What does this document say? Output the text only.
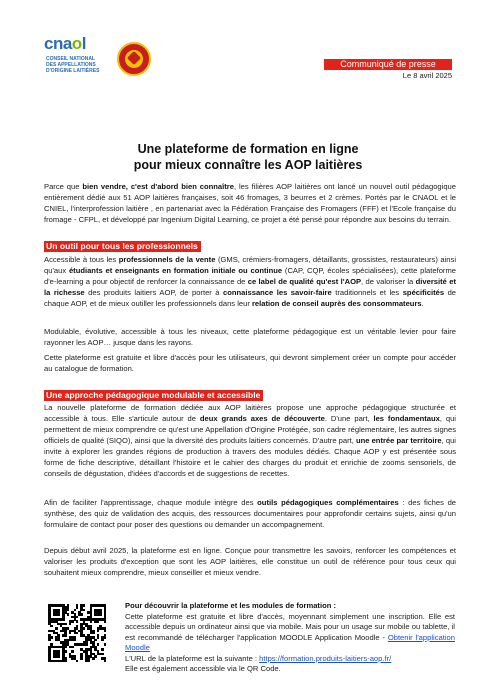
cnaol
CONSEIL NATIONAL DES APPELLATIONS D'ORIGINE LAITIÈRES
Communiqué de presse
Le 8 avril 2025
Une plateforme de formation en ligne
pour mieux connaître les AOP laitières
Parce que bien vendre, c'est d'abord bien connaître, les filières AOP laitières ont lancé un nouvel outil pédagogique entièrement dédié aux 51 AOP laitières françaises, soit 46 fromages, 3 beurres et 2 crèmes. Portés par le CNAOL et le CNIEL, l'interprofession laitière , en partenariat avec la Fédération Française des Fromagers (FFF) et l'Ecole française du fromage - CFPL, et développé par Ingenium Digital Learning, ce projet a été pensé pour répondre aux besoins du terrain.
Un outil pour tous les professionnels
Accessible à tous les professionnels de la vente (GMS, crémiers-fromagers, détaillants, grossistes, restaurateurs) ainsi qu'aux étudiants et enseignants en formation initiale ou continue (CAP, CQP, écoles spécialisées), cette plateforme d'e-learning a pour objectif de renforcer la connaissance de ce label de qualité qu'est l'AOP, de valoriser la diversité et la richesse des produits laitiers AOP, de porter à connaissance les savoir-faire traditionnels et les spécificités de chaque AOP, et de mieux outiller les professionnels dans leur relation de conseil auprès des consommateurs.
Modulable, évolutive, accessible à tous les niveaux, cette plateforme pédagogique est un véritable levier pour faire rayonner les AOP… jusque dans les rayons.
Cette plateforme est gratuite et libre d'accès pour les utilisateurs, qui devront simplement créer un compte pour accéder au catalogue de formation.
Une approche pédagogique modulable et accessible
La nouvelle plateforme de formation dédiée aux AOP laitières propose une approche pédagogique structurée et accessible à tous. Elle s'articule autour de deux grands axes de découverte. D'une part, les fondamentaux, qui permettent de mieux comprendre ce qu'est une Appellation d'Origine Protégée, son cadre réglementaire, les autres signes officiels de qualité (SIQO), ainsi que la diversité des produits laitiers concernés. D'autre part, une entrée par territoire, qui invite à explorer les grandes régions de production à travers des modules dédiés. Chaque AOP y est présentée sous forme de fiche descriptive, détaillant l'histoire et le cahier des charges du produit et enrichie de zooms sensoriels, de conseils de dégustation, d'idées d'accords et de suggestions de recettes.
Afin de faciliter l'apprentissage, chaque module intègre des outils pédagogiques complémentaires : des fiches de synthèse, des quiz de validation des acquis, des ressources documentaires pour approfondir certains sujets, ainsi qu'un formulaire de contact pour poser des questions ou demander un accompagnement.
Depuis début avril 2025, la plateforme est en ligne. Conçue pour transmettre les savoirs, renforcer les compétences et valoriser les produits d'exception que sont les AOP laitières, elle constitue un outil de référence pour tous ceux qui souhaitent mieux comprendre, mieux conseiller et mieux vendre.
Pour découvrir la plateforme et les modules de formation :
Cette plateforme est gratuite et libre d'accès, moyennant simplement une inscription. Elle est accessible depuis un ordinateur ainsi que via mobile. Mais pour un usage sur mobile ou tablette, il est recommandé de télécharger l'application MOODLE Application Moodle - Obtenir l'application Moodle
L'URL de la plateforme est la suivante : https://formation.produits-laitiers-aop.fr/
Elle est également accessible via le QR Code.
